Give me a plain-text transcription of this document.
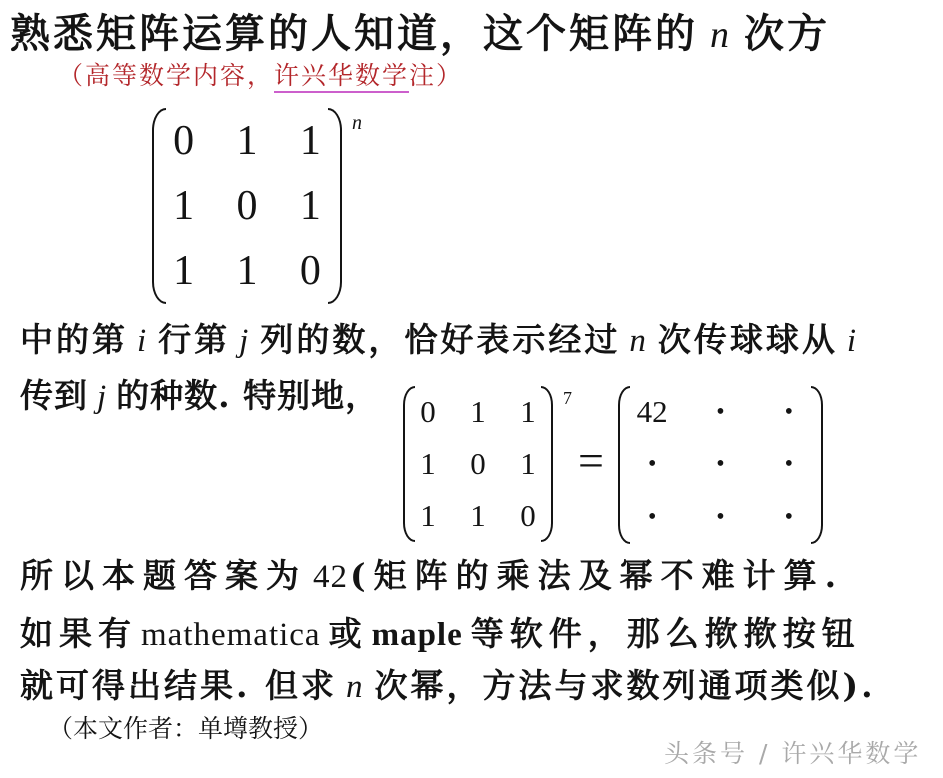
熟悉矩阵运算的人知道，这个矩阵的 n 次方
（高等数学内容，许兴华数学注）
0 1 1
1 0 1
1 1 0
n
中的第 i 行第 j 列的数，恰好表示经过 n 次传球球从 i
传到 j 的种数. 特别地， 0 1 1
1 0 1
1 1 0
7
=
42 • •
• • •
• • •
所以本题答案为 42(矩阵的乘法及幂不难计算.
如果有 mathematica 或 maple 等软件，那么揿揿按钮
就可得出结果. 但求 n 次幂，方法与求数列通项类似).
（本文作者：单墫教授）
头条号 / 许兴华数学
